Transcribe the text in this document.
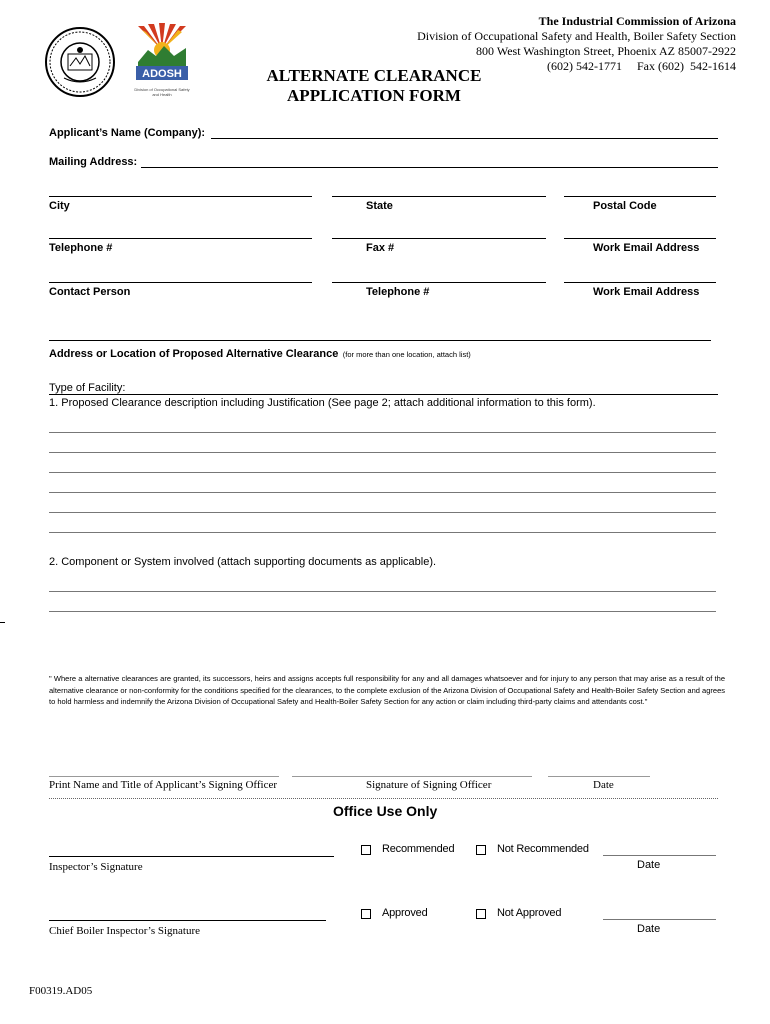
ADOSH
Division of Occupational Safety and Health
The Industrial Commission of Arizona
Division of Occupational Safety and Health, Boiler Safety Section
800 West Washington Street, Phoenix AZ 85007-2922
(602) 542-1771     Fax (602)  542-1614
ALTERNATE CLEARANCE
APPLICATION FORM
Applicant’s Name (Company):
Mailing Address:
City	State	Postal Code
Telephone #	Fax #	Work Email Address
Contact Person	Telephone #	Work Email Address
Address or Location of Proposed Alternative Clearance (for more than one location, attach list)
Type of Facility:
1. Proposed Clearance description including Justification (See page 2; attach additional information to this form).
2. Component or System involved (attach supporting documents as applicable).
" Where a alternative clearances are granted, its successors, heirs and assigns accepts full responsibility for any and all damages whatsoever and for injury to any person that may arise as a result of the alternative clearance or non-conformity for the conditions specified for the clearances, to the complete exclusion of the Arizona Division of Occupational Safety and Health-Boiler Safety Section and agrees to hold harmless and indemnify the Arizona Division of Occupational Safety and Health-Boiler Safety Section for any action or claim including third-party claims and attendants cost."
Print Name and Title of Applicant’s Signing Officer	Signature of Signing Officer	Date
Office Use Only
Inspector’s Signature
Recommended	Not Recommended
Date
Chief Boiler Inspector’s Signature
Approved	Not Approved
Date
F00319.AD05
